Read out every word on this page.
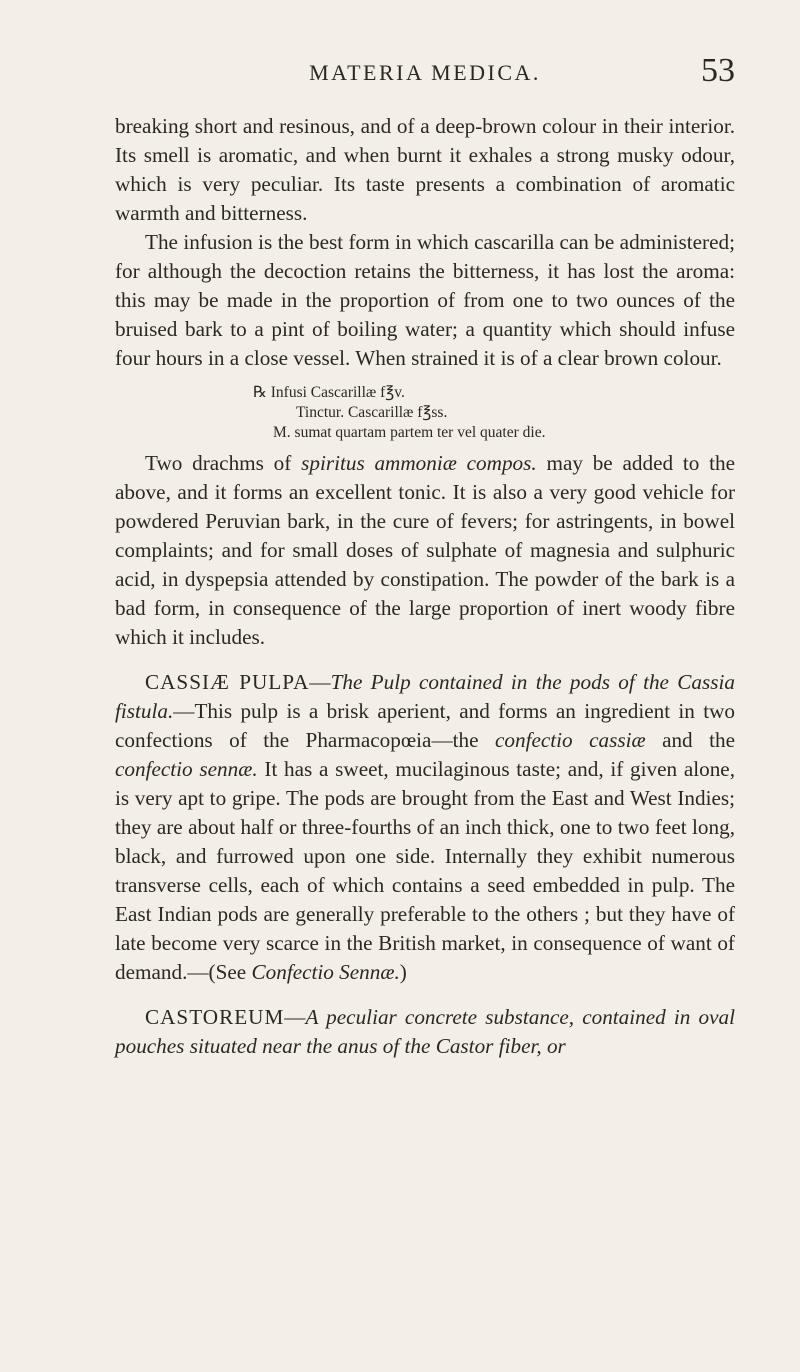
MATERIA MEDICA.	53

breaking short and resinous, and of a deep-brown colour in their interior. Its smell is aromatic, and when burnt it exhales a strong musky odour, which is very peculiar. Its taste presents a combination of aromatic warmth and bitterness.

The infusion is the best form in which cascarilla can be administered; for although the decoction retains the bitterness, it has lost the aroma: this may be made in the proportion of from one to two ounces of the bruised bark to a pint of boiling water; a quantity which should infuse four hours in a close vessel. When strained it is of a clear brown colour.

℞ Infusi Cascarillæ f℥v.
Tinctur. Cascarillæ f℥ss.
M. sumat quartam partem ter vel quater die.

Two drachms of spiritus ammoniæ compos. may be added to the above, and it forms an excellent tonic. It is also a very good vehicle for powdered Peruvian bark, in the cure of fevers; for astringents, in bowel complaints; and for small doses of sulphate of magnesia and sulphuric acid, in dyspepsia attended by constipation. The powder of the bark is a bad form, in consequence of the large proportion of inert woody fibre which it includes.

CASSIÆ PULPA—The Pulp contained in the pods of the Cassia fistula.—This pulp is a brisk aperient, and forms an ingredient in two confections of the Pharmacopœia—the confectio cassiæ and the confectio sennæ. It has a sweet, mucilaginous taste; and, if given alone, is very apt to gripe. The pods are brought from the East and West Indies; they are about half or three-fourths of an inch thick, one to two feet long, black, and furrowed upon one side. Internally they exhibit numerous transverse cells, each of which contains a seed embedded in pulp. The East Indian pods are generally preferable to the others ; but they have of late become very scarce in the British market, in consequence of want of demand.—(See Confectio Sennæ.)

CASTOREUM—A peculiar concrete substance, contained in oval pouches situated near the anus of the Castor fiber, or
